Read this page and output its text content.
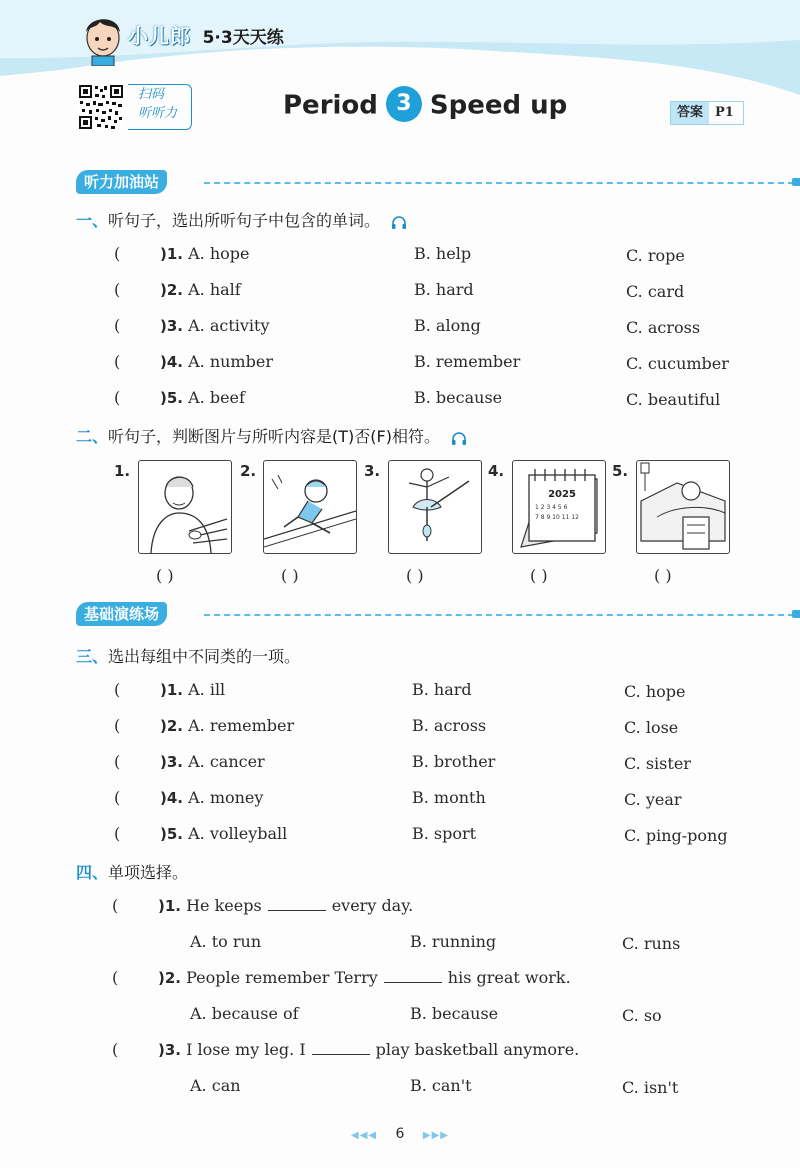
小儿郎 5·3天天练
扫码
听听力	Period 3 Speed up	答案 P1
听力加油站
一、听句子，选出所听句子中包含的单词。
(	)1. A. hope	B. help	C. rope
(	)2. A. half	B. hard	C. card
(	)3. A. activity	B. along	C. across
(	)4. A. number	B. remember	C. cucumber
(	)5. A. beef	B. because	C. beautiful
二、听句子，判断图片与所听内容是(T)否(F)相符。
1.	2.	3.	4.
2025
1 2 3 4 5 6
7 8 9 10 11 12
5.
( )	( )	( )	( )	( )
基础演练场
三、选出每组中不同类的一项。
(	)1. A. ill	B. hard	C. hope
(	)2. A. remember	B. across	C. lose
(	)3. A. cancer	B. brother	C. sister
(	)4. A. money	B. month	C. year
(	)5. A. volleyball	B. sport	C. ping-pong
四、单项选择。
(	)1. He keeps	every day.
A. to run	B. running	C. runs
(	)2. People remember Terry	his great work.
A. because of	B. because	C. so
(	)3. I lose my leg. I	play basketball anymore.
A. can	B. can't	C. isn't
◀◀◀ 6 ▶▶▶
